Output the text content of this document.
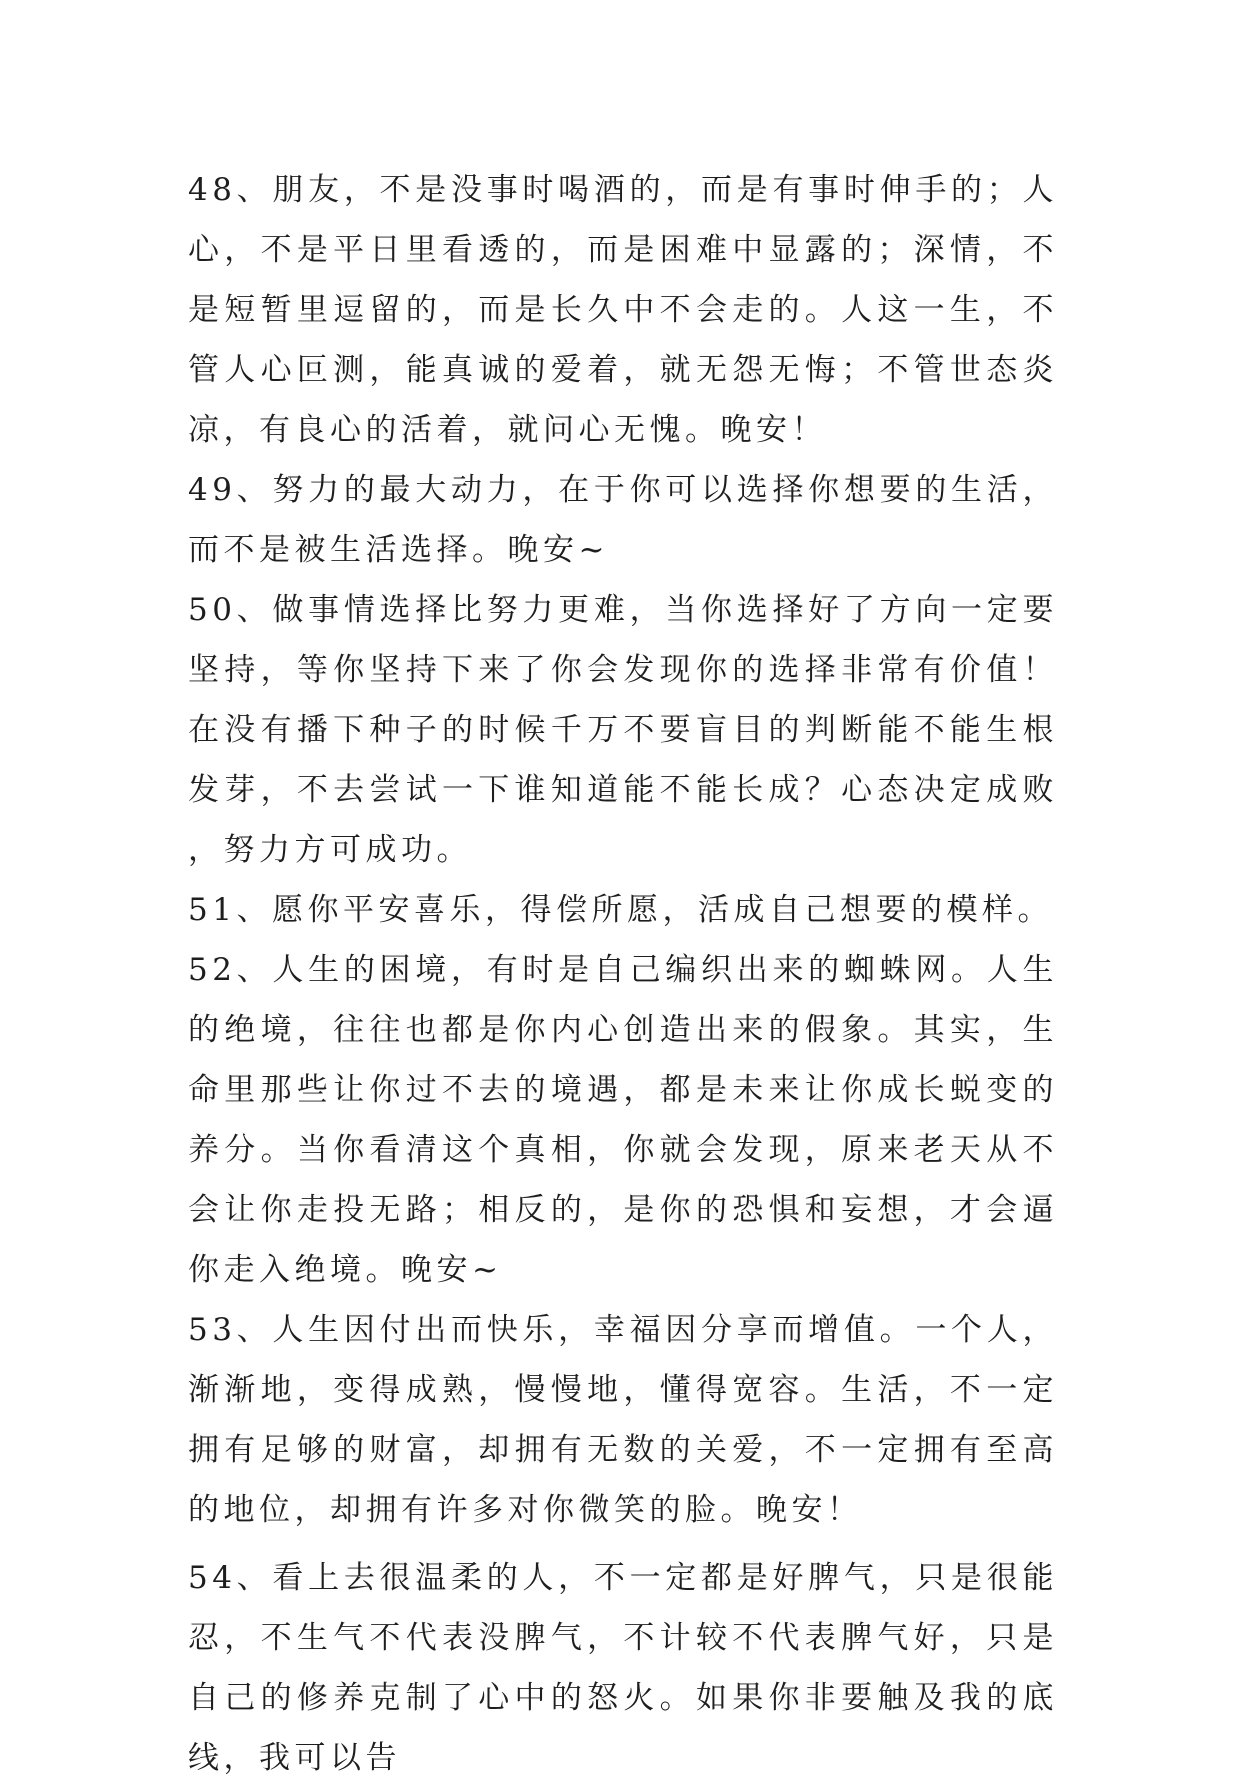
48、朋友，不是没事时喝酒的，而是有事时伸手的；人心，不是平日里看透的，而是困难中显露的；深情，不是短暂里逗留的，而是长久中不会走的。人这一生，不管人心叵测，能真诚的爱着，就无怨无悔；不管世态炎凉，有良心的活着，就问心无愧。晚安！

49、努力的最大动力，在于你可以选择你想要的生活，而不是被生活选择。晚安~

50、做事情选择比努力更难，当你选择好了方向一定要坚持，等你坚持下来了你会发现你的选择非常有价值！在没有播下种子的时候千万不要盲目的判断能不能生根发芽，不去尝试一下谁知道能不能长成？心态决定成败，努力方可成功。

51、愿你平安喜乐，得偿所愿，活成自己想要的模样。

52、人生的困境，有时是自己编织出来的蜘蛛网。人生的绝境，往往也都是你内心创造出来的假象。其实，生命里那些让你过不去的境遇，都是未来让你成长蜕变的养分。当你看清这个真相，你就会发现，原来老天从不会让你走投无路；相反的，是你的恐惧和妄想，才会逼你走入绝境。晚安~

53、人生因付出而快乐，幸福因分享而增值。一个人，渐渐地，变得成熟，慢慢地，懂得宽容。生活，不一定拥有足够的财富，却拥有无数的关爱，不一定拥有至高的地位，却拥有许多对你微笑的脸。晚安！

54、看上去很温柔的人，不一定都是好脾气，只是很能忍，不生气不代表没脾气，不计较不代表脾气好，只是自己的修养克制了心中的怒火。如果你非要触及我的底线，我可以告
